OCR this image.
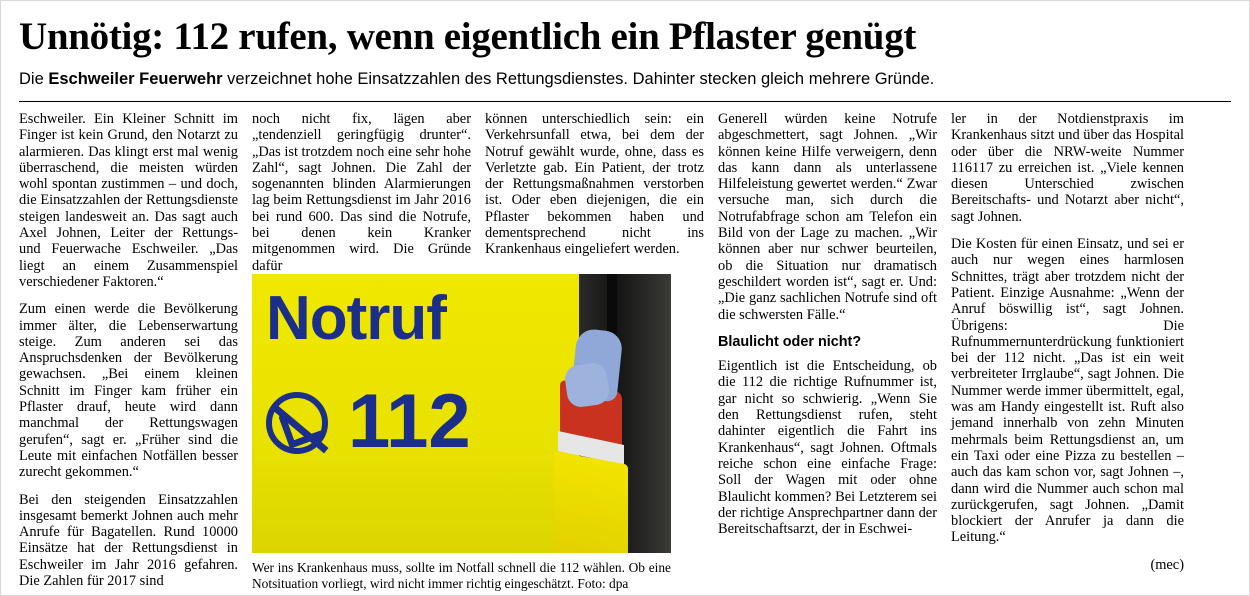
Unnötig: 112 rufen, wenn eigentlich ein Pflaster genügt
Die Eschweiler Feuerwehr verzeichnet hohe Einsatzzahlen des Rettungsdienstes. Dahinter stecken gleich mehrere Gründe.

Eschweiler. Ein Kleiner Schnitt im Finger ist kein Grund, den Notarzt zu alarmieren. Das klingt erst mal wenig überraschend, die meisten würden wohl spontan zustimmen – und doch, die Einsatzzahlen der Rettungsdienste steigen landesweit an. Das sagt auch Axel Johnen, Leiter der Rettungs- und Feuerwache Eschweiler. „Das liegt an einem Zusammenspiel verschiedener Faktoren.“

Zum einen werde die Bevölkerung immer älter, die Lebenserwartung steige. Zum anderen sei das Anspruchsdenken der Bevölkerung gewachsen. „Bei einem kleinen Schnitt im Finger kam früher ein Pflaster drauf, heute wird dann manchmal der Rettungswagen gerufen“, sagt er. „Früher sind die Leute mit einfachen Notfällen besser zurecht gekommen.“

Bei den steigenden Einsatzzahlen insgesamt bemerkt Johnen auch mehr Anrufe für Bagatellen. Rund 10000 Einsätze hat der Rettungsdienst in Eschweiler im Jahr 2016 gefahren. Die Zahlen für 2017 sind

noch nicht fix, lägen aber „tendenziell geringfügig drunter“. „Das ist trotzdem noch eine sehr hohe Zahl“, sagt Johnen. Die Zahl der sogenannten blinden Alarmierungen lag beim Rettungsdienst im Jahr 2016 bei rund 600. Das sind die Notrufe, bei denen kein Kranker mitgenommen wird. Die Gründe dafür

Notruf
112
Wer ins Krankenhaus muss, sollte im Notfall schnell die 112 wählen. Ob eine Notsituation vorliegt, wird nicht immer richtig eingeschätzt. Foto: dpa

können unterschiedlich sein: ein Verkehrsunfall etwa, bei dem der Notruf gewählt wurde, ohne, dass es Verletzte gab. Ein Patient, der trotz der Rettungsmaßnahmen verstorben ist. Oder eben diejenigen, die ein Pflaster bekommen haben und dementsprechend nicht ins Krankenhaus eingeliefert werden.

Generell würden keine Notrufe abgeschmettert, sagt Johnen. „Wir können keine Hilfe verweigern, denn das kann dann als unterlassene Hilfeleistung gewertet werden.“ Zwar versuche man, sich durch die Notrufabfrage schon am Telefon ein Bild von der Lage zu machen. „Wir können aber nur schwer beurteilen, ob die Situation nur dramatisch geschildert worden ist“, sagt er. Und: „Die ganz sachlichen Notrufe sind oft die schwersten Fälle.“

Blaulicht oder nicht?

Eigentlich ist die Entscheidung, ob die 112 die richtige Rufnummer ist, gar nicht so schwierig. „Wenn Sie den Rettungsdienst rufen, steht dahinter eigentlich die Fahrt ins Krankenhaus“, sagt Johnen. Oftmals reiche schon eine einfache Frage: Soll der Wagen mit oder ohne Blaulicht kommen? Bei Letzterem sei der richtige Ansprechpartner dann der Bereitschaftsarzt, der in Eschwei-

ler in der Notdienstpraxis im Krankenhaus sitzt und über das Hospital oder über die NRW-weite Nummer 116117 zu erreichen ist. „Viele kennen diesen Unterschied zwischen Bereitschafts- und Notarzt aber nicht“, sagt Johnen.

Die Kosten für einen Einsatz, und sei er auch nur wegen eines harmlosen Schnittes, trägt aber trotzdem nicht der Patient. Einzige Ausnahme: „Wenn der Anruf böswillig ist“, sagt Johnen. Übrigens: Die Rufnummernunterdrückung funktioniert bei der 112 nicht. „Das ist ein weit verbreiteter Irrglaube“, sagt Johnen. Die Nummer werde immer übermittelt, egal, was am Handy eingestellt ist. Ruft also jemand innerhalb von zehn Minuten mehrmals beim Rettungsdienst an, um ein Taxi oder eine Pizza zu bestellen – auch das kam schon vor, sagt Johnen –, dann wird die Nummer auch schon mal zurückgerufen, sagt Johnen. „Damit blockiert der Anrufer ja dann die Leitung.“

(mec)
